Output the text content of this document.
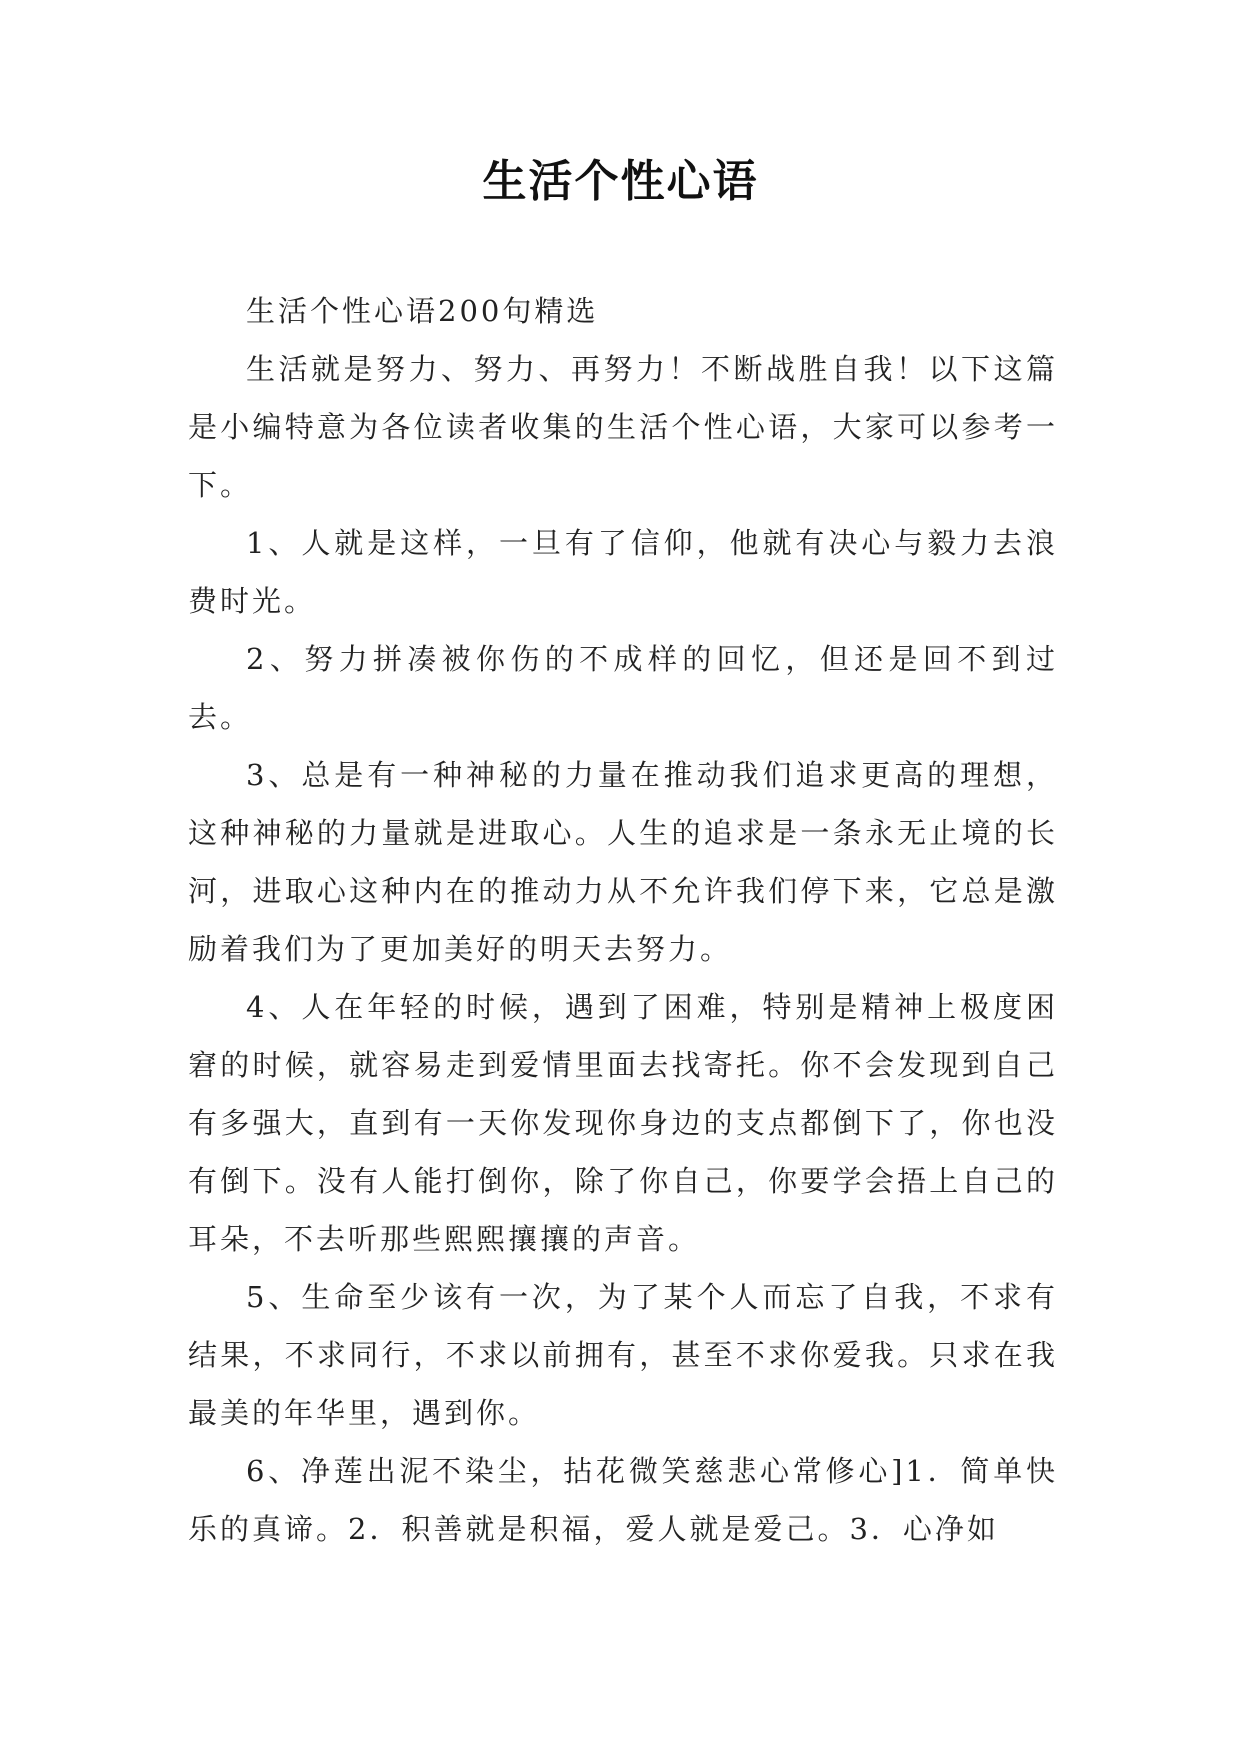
生活个性心语

生活个性心语200句精选

生活就是努力、努力、再努力！不断战胜自我！以下这篇是小编特意为各位读者收集的生活个性心语，大家可以参考一下。

1、人就是这样，一旦有了信仰，他就有决心与毅力去浪费时光。

2、努力拼凑被你伤的不成样的回忆，但还是回不到过去。

3、总是有一种神秘的力量在推动我们追求更高的理想，这种神秘的力量就是进取心。人生的追求是一条永无止境的长河，进取心这种内在的推动力从不允许我们停下来，它总是激励着我们为了更加美好的明天去努力。

4、人在年轻的时候，遇到了困难，特别是精神上极度困窘的时候，就容易走到爱情里面去找寄托。你不会发现到自己有多强大，直到有一天你发现你身边的支点都倒下了，你也没有倒下。没有人能打倒你，除了你自己，你要学会捂上自己的耳朵，不去听那些熙熙攘攘的声音。

5、生命至少该有一次，为了某个人而忘了自我，不求有结果，不求同行，不求以前拥有，甚至不求你爱我。只求在我最美的年华里，遇到你。

6、净莲出泥不染尘，拈花微笑慈悲心常修心]1．简单快乐的真谛。2．积善就是积福，爱人就是爱己。3．心净如
